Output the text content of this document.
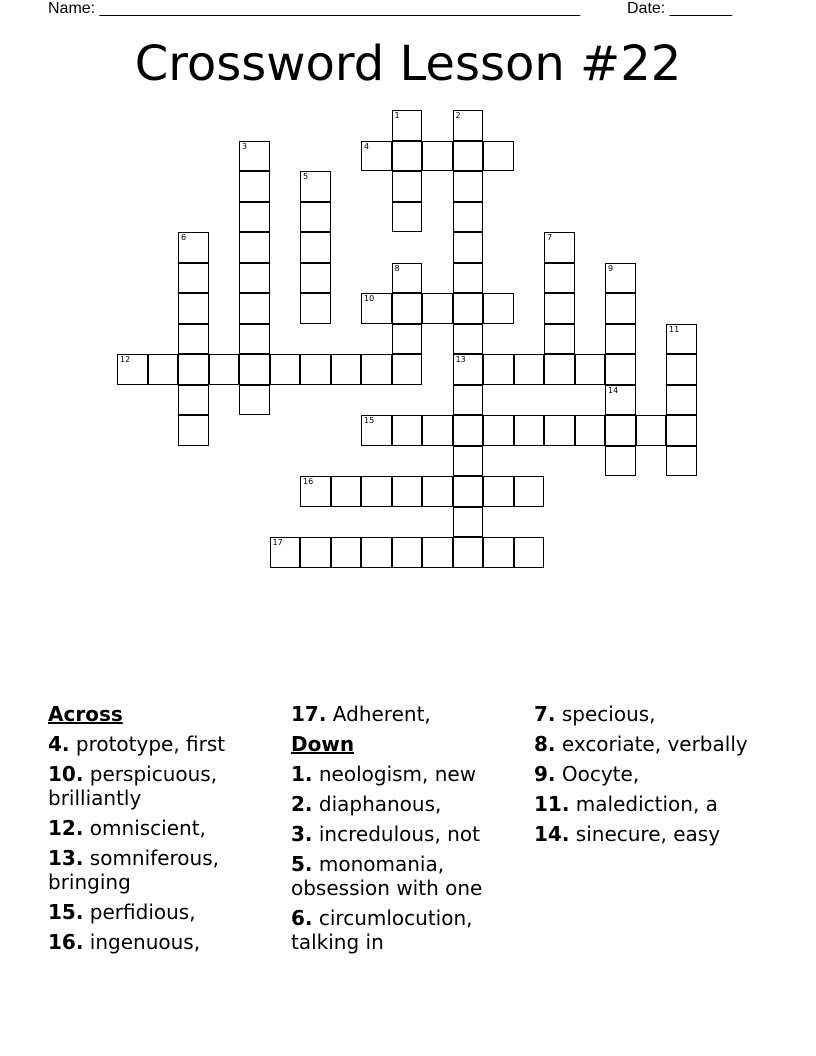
Name: ______________________________________________________	Date: _______
Crossword Lesson #22
1	2
13
3	4
5
6	7
8	9
10
11
12
14
15
16
17
Across
4. prototype, first
10. perspicuous, brilliantly
12. omniscient,
13. somniferous, bringing
15. perfidious,
16. ingenuous,
17. Adherent,
Down
1. neologism, new
2. diaphanous,
3. incredulous, not
5. monomania, obsession with one
6. circumlocution, talking in
7. specious,
8. excoriate, verbally
9. Oocyte,
11. malediction, a
14. sinecure, easy
